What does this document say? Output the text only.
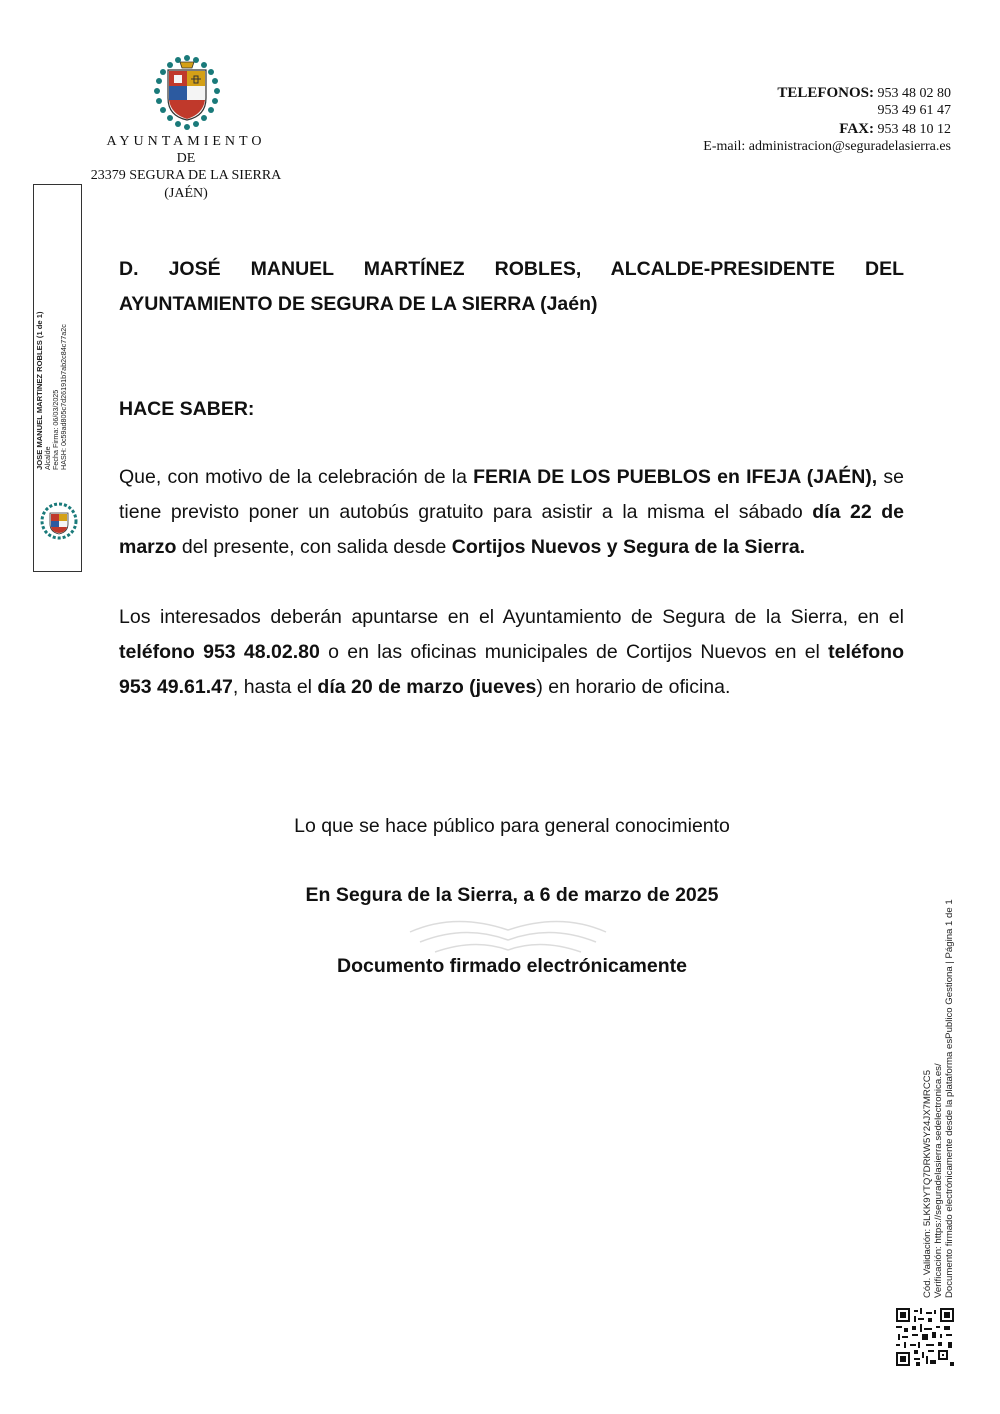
AYUNTAMIENTO
DE
23379 SEGURA DE LA SIERRA
(JAÉN)
TELEFONOS: 953 48 02 80
953 49 61 47
FAX: 953 48 10 12
E-mail: administracion@seguradelasierra.es
JOSE MANUEL MARTINEZ ROBLES (1 de 1) Alcalde Fecha Firma: 06/03/2025 HASH: 0c59ad805c7d26191b7ab2c84c77a2c
D. JOSÉ MANUEL MARTÍNEZ ROBLES, ALCALDE-PRESIDENTE DEL
AYUNTAMIENTO DE SEGURA DE LA SIERRA (Jaén)
HACE SABER:
Que, con motivo de la celebración de la FERIA DE LOS PUEBLOS en IFEJA (JAÉN), se tiene previsto poner un autobús gratuito para asistir a la misma el sábado día 22 de marzo del presente, con salida desde Cortijos Nuevos y Segura de la Sierra.
Los interesados deberán apuntarse en el Ayuntamiento de Segura de la Sierra, en el teléfono 953 48.02.80 o en las oficinas municipales de Cortijos Nuevos en el teléfono 953 49.61.47, hasta el día 20 de marzo (jueves) en horario de oficina.
Lo que se hace público para general conocimiento
En Segura de la Sierra, a 6 de marzo de 2025
Documento firmado electrónicamente
Cód. Validación: 5LKK9YTQ7DRKW5Y24JX7MRCC5 Verificación: https://seguradelasierra.sedelectronica.es/ Documento firmado electrónicamente desde la plataforma esPublico Gestiona | Página 1 de 1
